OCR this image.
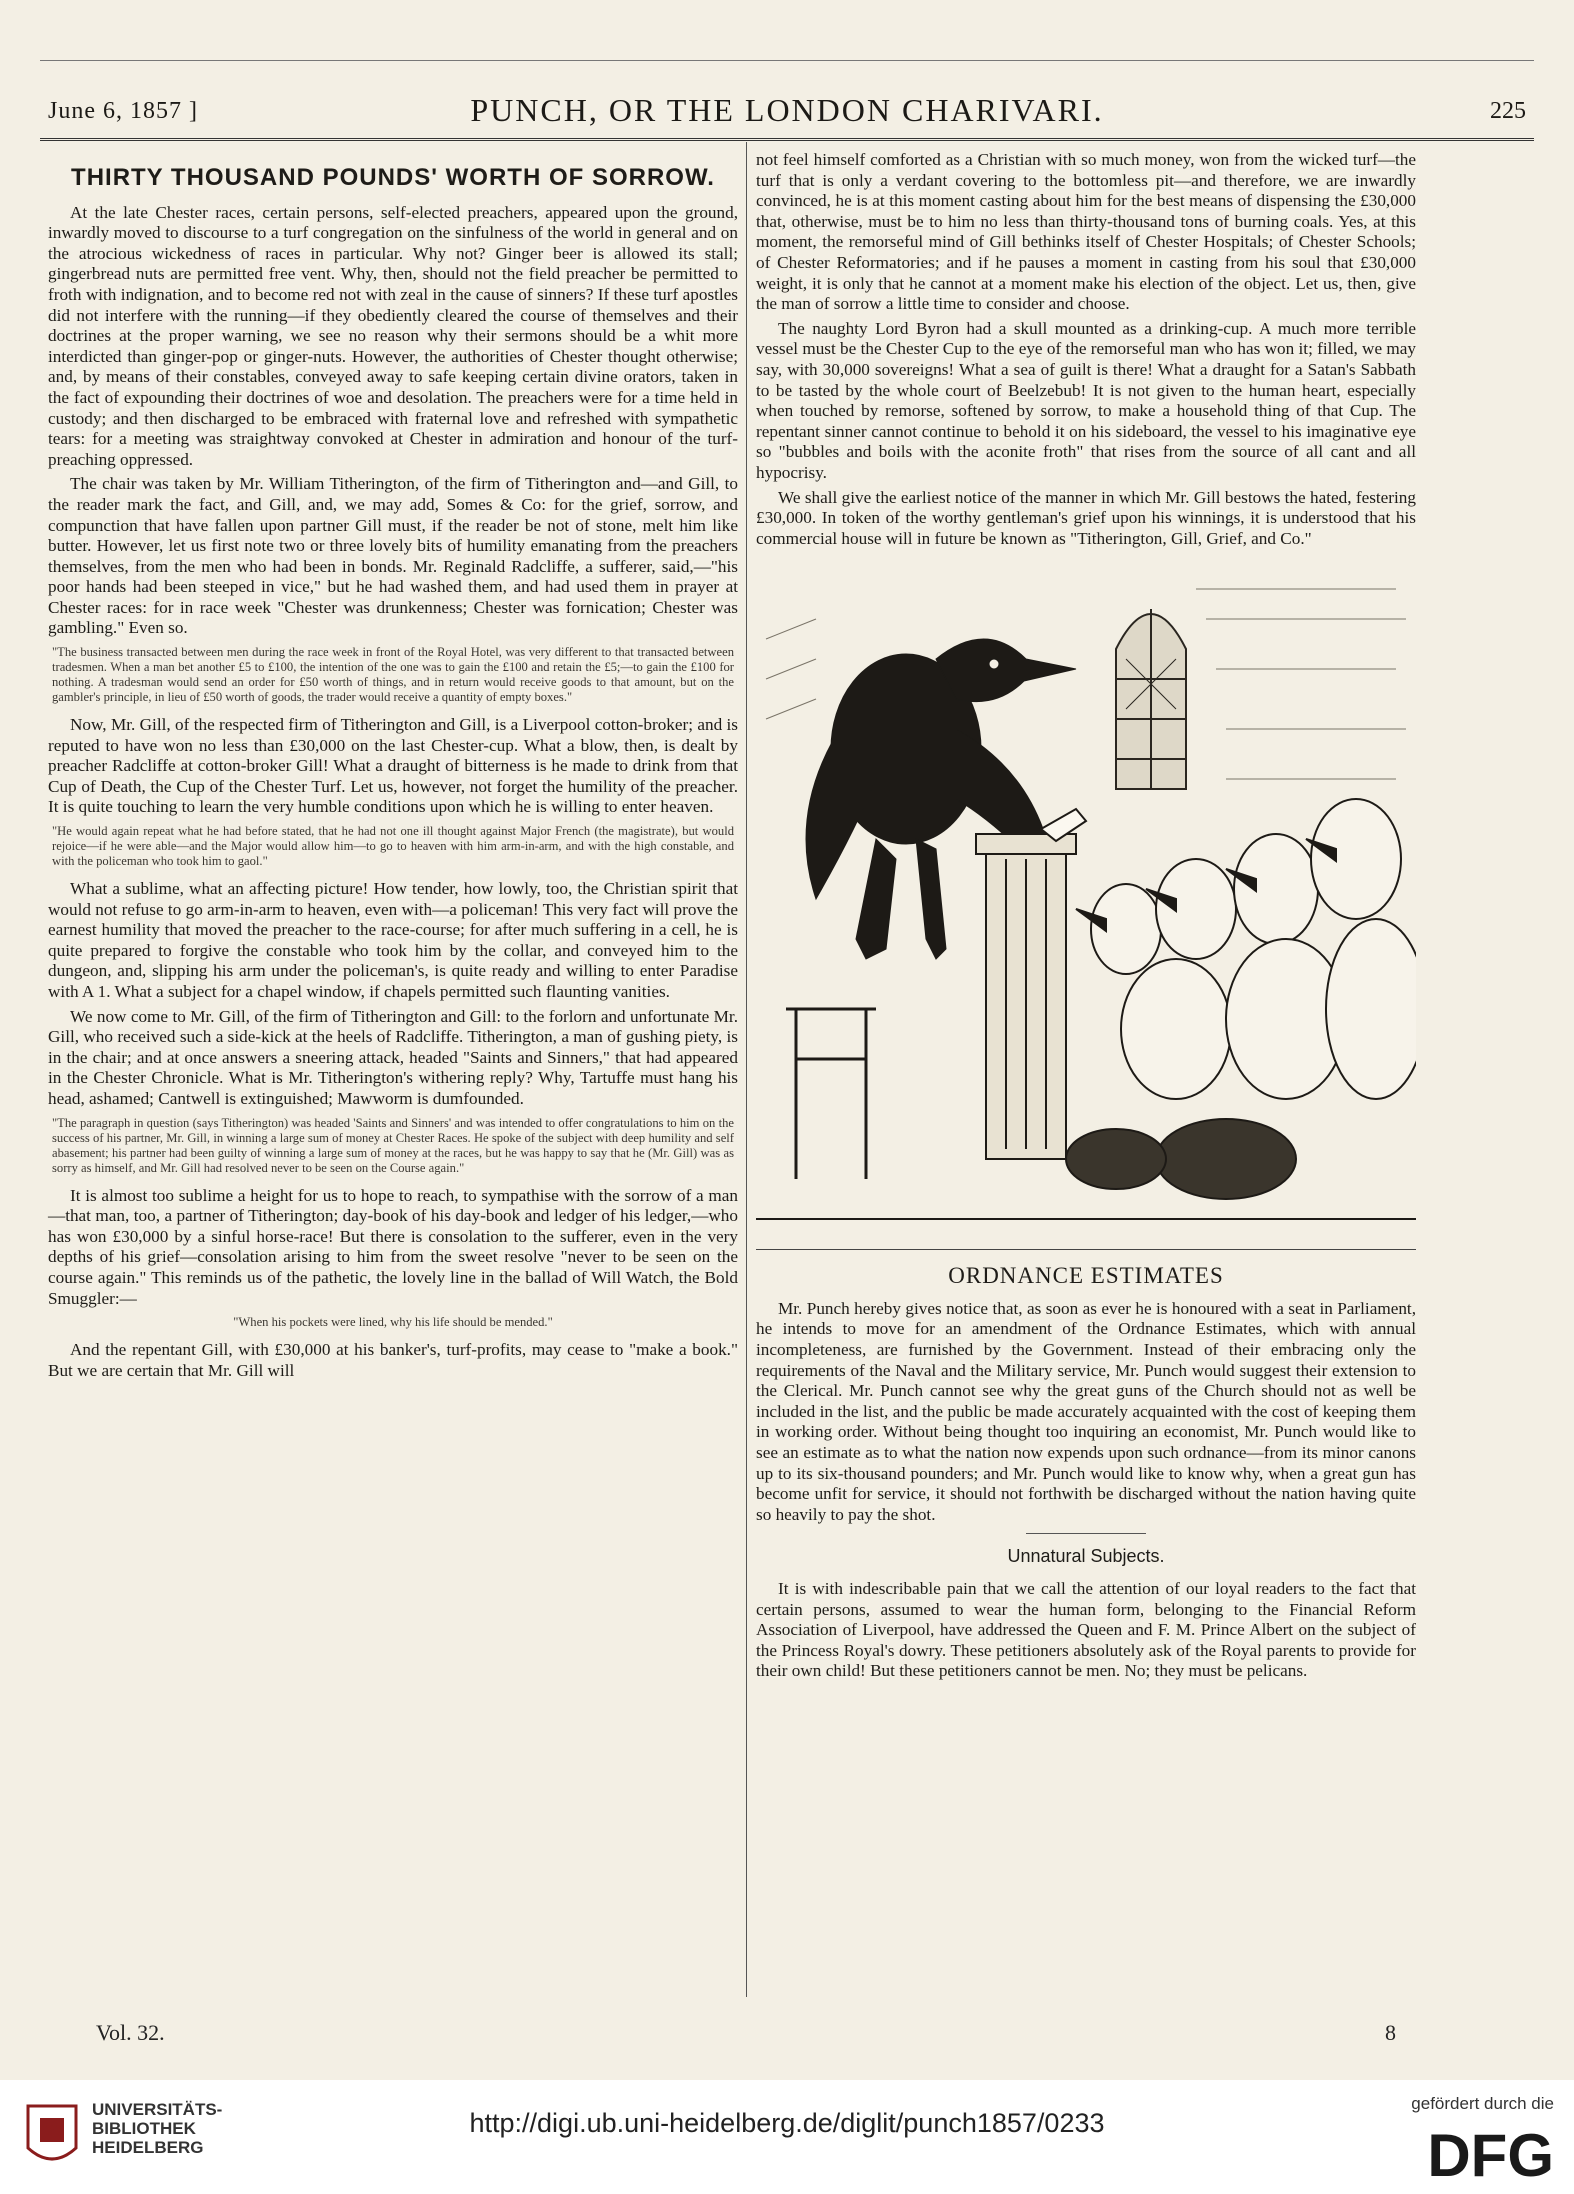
June 6, 1857 ]	PUNCH, OR THE LONDON CHARIVARI.	225
THIRTY THOUSAND POUNDS' WORTH OF SORROW.

At the late Chester races, certain persons, self-elected preachers, appeared upon the ground, inwardly moved to discourse to a turf congregation on the sinfulness of the world in general and on the atrocious wickedness of races in particular. Why not? Ginger beer is allowed its stall; gingerbread nuts are permitted free vent. Why, then, should not the field preacher be permitted to froth with indignation, and to become red not with zeal in the cause of sinners? If these turf apostles did not interfere with the running—if they obediently cleared the course of themselves and their doctrines at the proper warning, we see no reason why their sermons should be a whit more interdicted than ginger-pop or ginger-nuts. However, the authorities of Chester thought otherwise; and, by means of their constables, conveyed away to safe keeping certain divine orators, taken in the fact of expounding their doctrines of woe and desolation. The preachers were for a time held in custody; and then discharged to be embraced with fraternal love and refreshed with sympathetic tears: for a meeting was straightway convoked at Chester in admiration and honour of the turf-preaching oppressed.

The chair was taken by Mr. William Titherington, of the firm of Titherington and—and Gill, to the reader mark the fact, and Gill, and, we may add, Somes & Co: for the grief, sorrow, and compunction that have fallen upon partner Gill must, if the reader be not of stone, melt him like butter. However, let us first note two or three lovely bits of humility emanating from the preachers themselves, from the men who had been in bonds. Mr. Reginald Radcliffe, a sufferer, said,—"his poor hands had been steeped in vice," but he had washed them, and had used them in prayer at Chester races: for in race week "Chester was drunkenness; Chester was fornication; Chester was gambling." Even so.

"The business transacted between men during the race week in front of the Royal Hotel, was very different to that transacted between tradesmen. When a man bet another £5 to £100, the intention of the one was to gain the £100 and retain the £5;—to gain the £100 for nothing. A tradesman would send an order for £50 worth of things, and in return would receive goods to that amount, but on the gambler's principle, in lieu of £50 worth of goods, the trader would receive a quantity of empty boxes."

Now, Mr. Gill, of the respected firm of Titherington and Gill, is a Liverpool cotton-broker; and is reputed to have won no less than £30,000 on the last Chester-cup. What a blow, then, is dealt by preacher Radcliffe at cotton-broker Gill! What a draught of bitterness is he made to drink from that Cup of Death, the Cup of the Chester Turf. Let us, however, not forget the humility of the preacher. It is quite touching to learn the very humble conditions upon which he is willing to enter heaven.

"He would again repeat what he had before stated, that he had not one ill thought against Major French (the magistrate), but would rejoice—if he were able—and the Major would allow him—to go to heaven with him arm-in-arm, and with the high constable, and with the policeman who took him to gaol."

What a sublime, what an affecting picture! How tender, how lowly, too, the Christian spirit that would not refuse to go arm-in-arm to heaven, even with—a policeman! This very fact will prove the earnest humility that moved the preacher to the race-course; for after much suffering in a cell, he is quite prepared to forgive the constable who took him by the collar, and conveyed him to the dungeon, and, slipping his arm under the policeman's, is quite ready and willing to enter Paradise with A 1. What a subject for a chapel window, if chapels permitted such flaunting vanities.

We now come to Mr. Gill, of the firm of Titherington and Gill: to the forlorn and unfortunate Mr. Gill, who received such a side-kick at the heels of Radcliffe. Titherington, a man of gushing piety, is in the chair; and at once answers a sneering attack, headed "Saints and Sinners," that had appeared in the Chester Chronicle. What is Mr. Titherington's withering reply? Why, Tartuffe must hang his head, ashamed; Cantwell is extinguished; Mawworm is dumfounded.

"The paragraph in question (says Titherington) was headed 'Saints and Sinners' and was intended to offer congratulations to him on the success of his partner, Mr. Gill, in winning a large sum of money at Chester Races. He spoke of the subject with deep humility and self abasement; his partner had been guilty of winning a large sum of money at the races, but he was happy to say that he (Mr. Gill) was as sorry as himself, and Mr. Gill had resolved never to be seen on the Course again."

It is almost too sublime a height for us to hope to reach, to sympathise with the sorrow of a man—that man, too, a partner of Titherington; day-book of his day-book and ledger of his ledger,—who has won £30,000 by a sinful horse-race! But there is consolation to the sufferer, even in the very depths of his grief—consolation arising to him from the sweet resolve "never to be seen on the course again." This reminds us of the pathetic, the lovely line in the ballad of Will Watch, the Bold Smuggler:—

"When his pockets were lined, why his life should be mended."

And the repentant Gill, with £30,000 at his banker's, turf-profits, may cease to "make a book." But we are certain that Mr. Gill will

not feel himself comforted as a Christian with so much money, won from the wicked turf—the turf that is only a verdant covering to the bottomless pit—and therefore, we are inwardly convinced, he is at this moment casting about him for the best means of dispensing the £30,000 that, otherwise, must be to him no less than thirty-thousand tons of burning coals. Yes, at this moment, the remorseful mind of Gill bethinks itself of Chester Hospitals; of Chester Schools; of Chester Reformatories; and if he pauses a moment in casting from his soul that £30,000 weight, it is only that he cannot at a moment make his election of the object. Let us, then, give the man of sorrow a little time to consider and choose.

The naughty Lord Byron had a skull mounted as a drinking-cup. A much more terrible vessel must be the Chester Cup to the eye of the remorseful man who has won it; filled, we may say, with 30,000 sovereigns! What a sea of guilt is there! What a draught for a Satan's Sabbath to be tasted by the whole court of Beelzebub! It is not given to the human heart, especially when touched by remorse, softened by sorrow, to make a household thing of that Cup. The repentant sinner cannot continue to behold it on his sideboard, the vessel to his imaginative eye so "bubbles and boils with the aconite froth" that rises from the source of all cant and all hypocrisy.

We shall give the earliest notice of the manner in which Mr. Gill bestows the hated, festering £30,000. In token of the worthy gentleman's grief upon his winnings, it is understood that his commercial house will in future be known as "Titherington, Gill, Grief, and Co."

ORDNANCE ESTIMATES

Mr. Punch hereby gives notice that, as soon as ever he is honoured with a seat in Parliament, he intends to move for an amendment of the Ordnance Estimates, which with annual incompleteness, are furnished by the Government. Instead of their embracing only the requirements of the Naval and the Military service, Mr. Punch would suggest their extension to the Clerical. Mr. Punch cannot see why the great guns of the Church should not as well be included in the list, and the public be made accurately acquainted with the cost of keeping them in working order. Without being thought too inquiring an economist, Mr. Punch would like to see an estimate as to what the nation now expends upon such ordnance—from its minor canons up to its six-thousand pounders; and Mr. Punch would like to know why, when a great gun has become unfit for service, it should not forthwith be discharged without the nation having quite so heavily to pay the shot.

Unnatural Subjects.

It is with indescribable pain that we call the attention of our loyal readers to the fact that certain persons, assumed to wear the human form, belonging to the Financial Reform Association of Liverpool, have addressed the Queen and F. M. Prince Albert on the subject of the Princess Royal's dowry. These petitioners absolutely ask of the Royal parents to provide for their own child! But these petitioners cannot be men. No; they must be pelicans.

Vol. 32.	8
UNIVERSITÄTS-
BIBLIOTHEK
HEIDELBERG
http://digi.ub.uni-heidelberg.de/diglit/punch1857/0233
gefördert durch die
DFG
